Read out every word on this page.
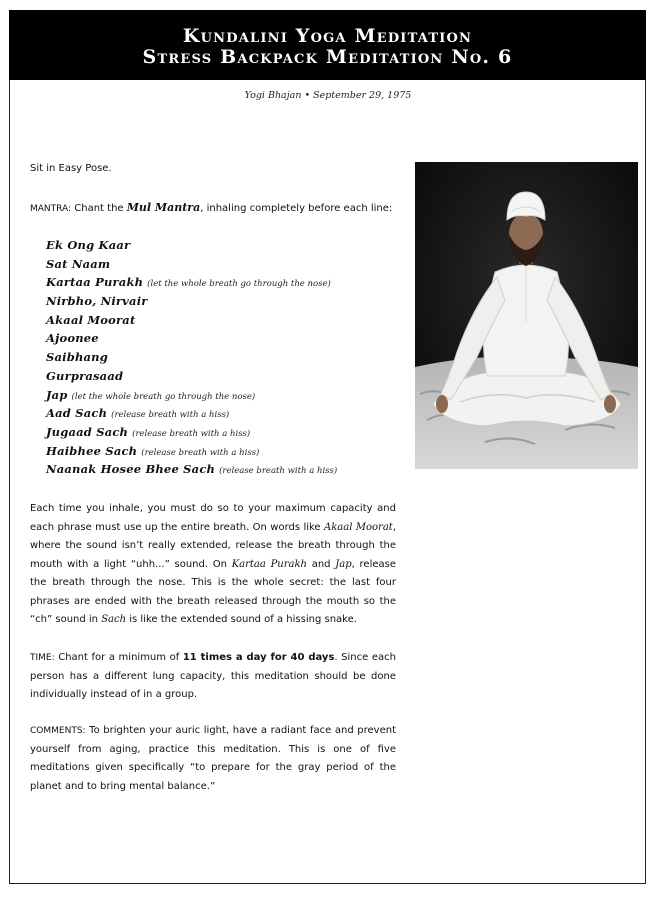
Kundalini Yoga Meditation
Stress Backpack Meditation No. 6
Yogi Bhajan • September 29, 1975
Sit in Easy Pose.
MANTRA: Chant the Mul Mantra, inhaling completely before each line:
Ek Ong Kaar
Sat Naam
Kartaa Purakh (let the whole breath go through the nose)
Nirbho, Nirvair
Akaal Moorat
Ajoonee
Saibhang
Gurprasaad
Jap (let the whole breath go through the nose)
Aad Sach (release breath with a hiss)
Jugaad Sach (release breath with a hiss)
Haibhee Sach (release breath with a hiss)
Naanak Hosee Bhee Sach (release breath with a hiss)

Each time you inhale, you must do so to your maximum capacity and each phrase must use up the entire breath. On words like Akaal Moorat, where the sound isn’t really extended, release the breath through the mouth with a light “uhh...” sound. On Kartaa Purakh and Jap, release the breath through the nose. This is the whole secret: the last four phrases are ended with the breath released through the mouth so the “ch” sound in Sach is like the extended sound of a hissing snake.

TIME: Chant for a minimum of 11 times a day for 40 days. Since each person has a different lung capacity, this meditation should be done individually instead of in a group.

COMMENTS: To brighten your auric light, have a radiant face and prevent yourself from aging, practice this meditation. This is one of five meditations given specifically “to prepare for the gray period of the planet and to bring mental balance.”
